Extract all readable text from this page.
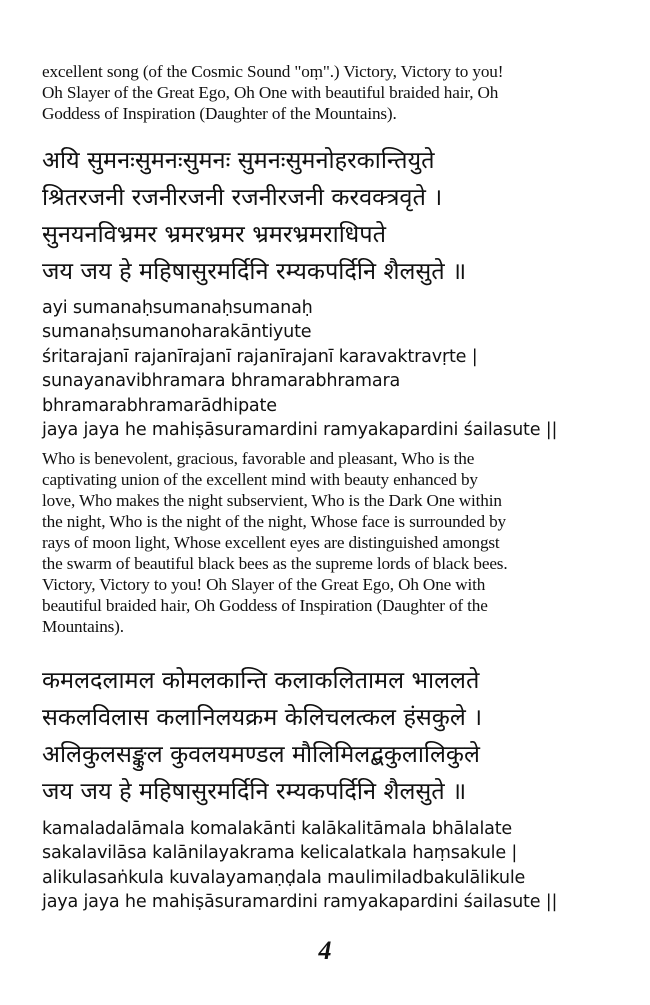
excellent song (of the Cosmic Sound "oṃ".) Victory, Victory to you!
Oh Slayer of the Great Ego, Oh One with beautiful braided hair, Oh
Goddess of Inspiration (Daughter of the Mountains).
अयि सुमनःसुमनःसुमनः सुमनःसुमनोहरकान्तियुते
श्रितरजनी रजनीरजनी रजनीरजनी करवक्त्रवृते ।
सुनयनविभ्रमर भ्रमरभ्रमर भ्रमरभ्रमराधिपते
जय जय हे महिषासुरमर्दिनि रम्यकपर्दिनि शैलसुते ॥
ayi sumanaḥsumanaḥsumanaḥ
sumanaḥsumanoharakāntiyute
śritarajanī rajanīrajanī rajanīrajanī karavaktravṛte |
sunayanavibhramara bhramarabhramara
bhramarabhramarādhipate
jaya jaya he mahiṣāsuramardini ramyakapardini śailasute ||
Who is benevolent, gracious, favorable and pleasant, Who is the
captivating union of the excellent mind with beauty enhanced by
love, Who makes the night subservient, Who is the Dark One within
the night, Who is the night of the night, Whose face is surrounded by
rays of moon light, Whose excellent eyes are distinguished amongst
the swarm of beautiful black bees as the supreme lords of black bees.
Victory, Victory to you! Oh Slayer of the Great Ego, Oh One with
beautiful braided hair, Oh Goddess of Inspiration (Daughter of the
Mountains).
कमलदलामल कोमलकान्ति कलाकलितामल भाललते
सकलविलास कलानिलयक्रम केलिचलत्कल हंसकुले ।
अलिकुलसङ्कुल कुवलयमण्डल मौलिमिलद्बकुलालिकुले
जय जय हे महिषासुरमर्दिनि रम्यकपर्दिनि शैलसुते ॥
kamaladalāmala komalakānti kalākalitāmala bhālalate
sakalavilāsa kalānilayakrama kelicalatkala haṃsakule |
alikulasaṅkula kuvalayamaṇḍala maulimiladbakulālikule
jaya jaya he mahiṣāsuramardini ramyakapardini śailasute ||
4
